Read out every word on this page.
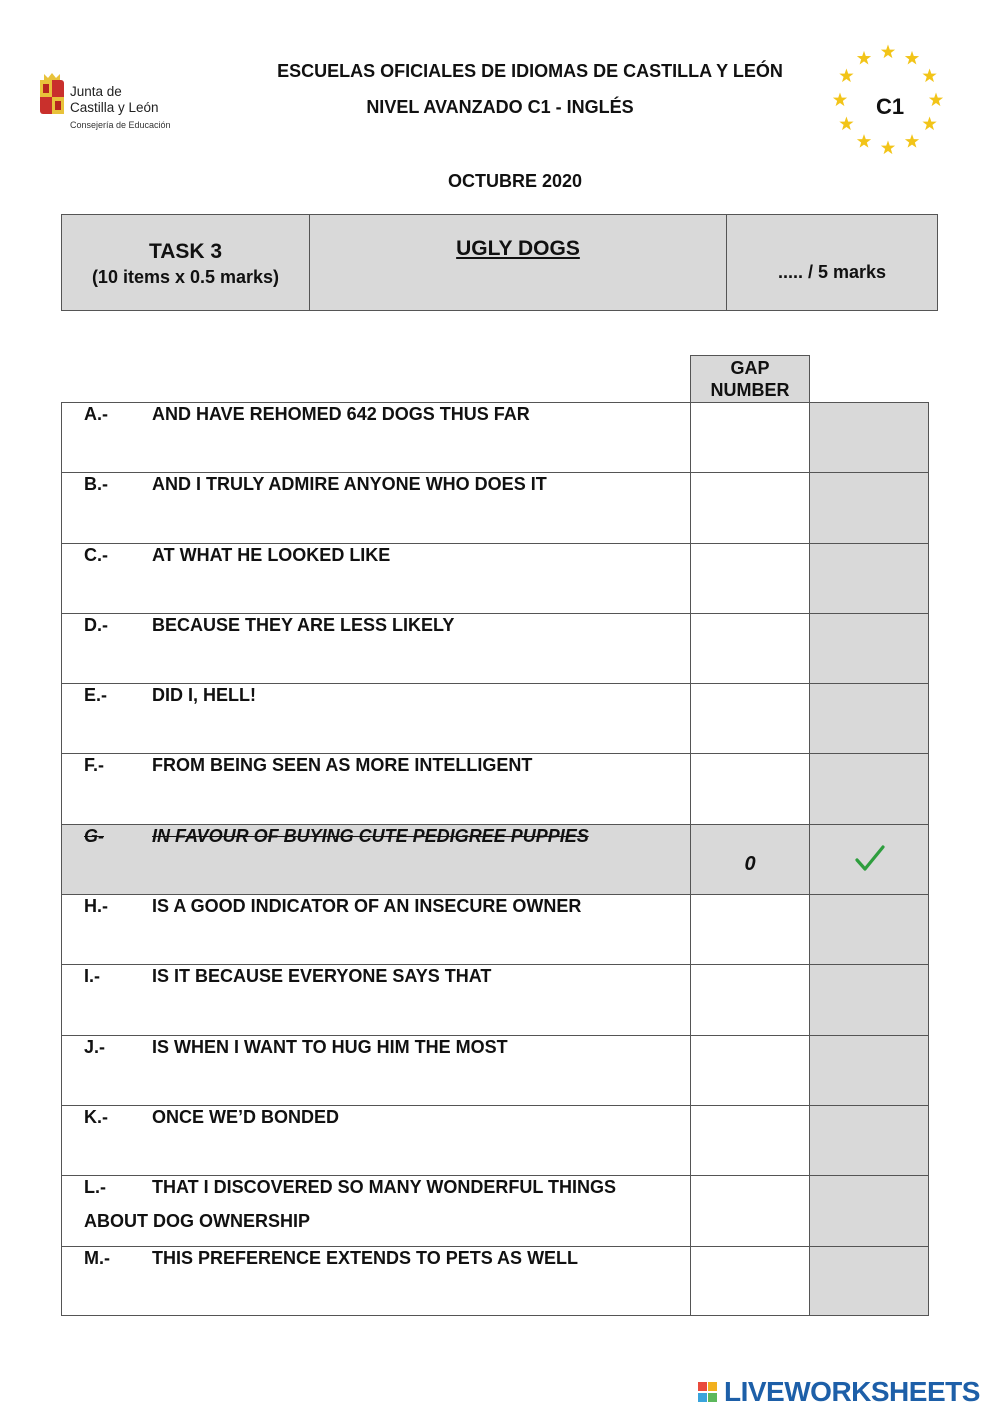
Junta de
Castilla y León
Consejería de Educación
ESCUELAS OFICIALES DE IDIOMAS DE CASTILLA Y LEÓN
NIVEL AVANZADO C1 - INGLÉS
OCTUBRE 2020
C1
TASK 3
(10 items x 0.5 marks)
UGLY DOGS
..... / 5 marks
GAP
NUMBER
A.- AND HAVE REHOMED 642 DOGS THUS FAR
B.- AND I TRULY ADMIRE ANYONE WHO DOES IT
C.- AT WHAT HE LOOKED LIKE
D.- BECAUSE THEY ARE LESS LIKELY
E.- DID I, HELL!
F.-	FROM BEING SEEN AS MORE INTELLIGENT
G-	IN FAVOUR OF BUYING CUTE PEDIGREE PUPPIES
0
H.- IS A GOOD INDICATOR OF AN INSECURE OWNER
I.-	IS IT BECAUSE EVERYONE SAYS THAT
J.-	IS WHEN I WANT TO HUG HIM THE MOST
K.- ONCE WE’D BONDED
L.-	THAT I DISCOVERED SO MANY WONDERFUL THINGS
ABOUT DOG OWNERSHIP
M.- THIS PREFERENCE EXTENDS TO PETS AS WELL
LIVEWORKSHEETS
